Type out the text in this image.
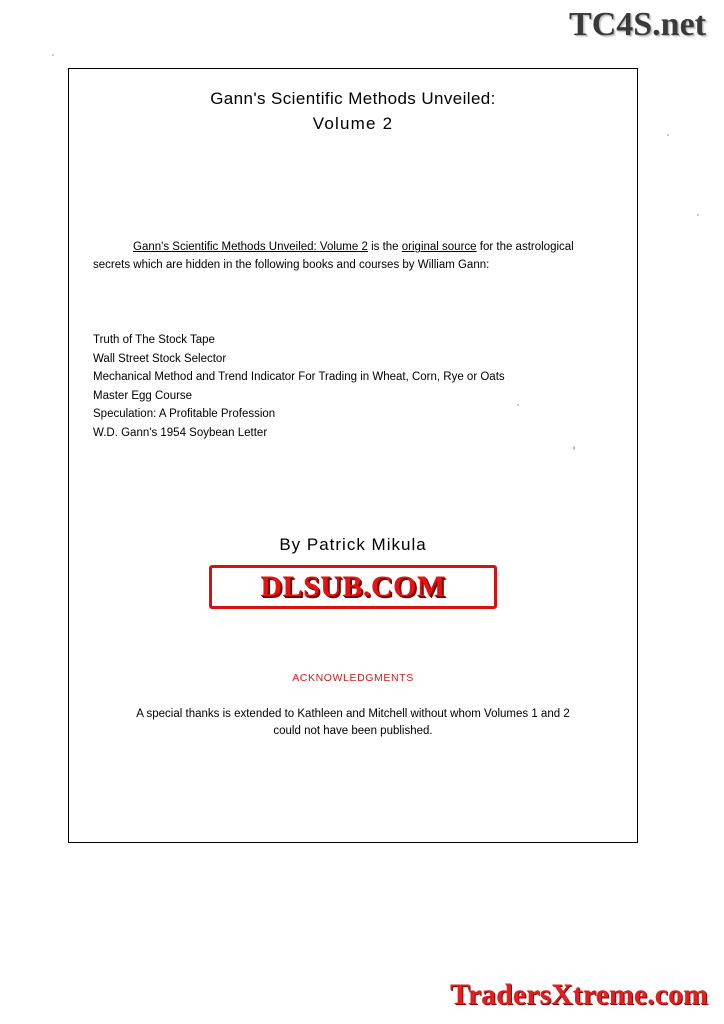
TC4S.net
Gann's Scientific Methods Unveiled:
Volume 2
Gann's Scientific Methods Unveiled: Volume 2 is the original source for the astrological
secrets which are hidden in the following books and courses by William Gann:
Truth of The Stock Tape
Wall Street Stock Selector
Mechanical Method and Trend Indicator For Trading in Wheat, Corn, Rye or Oats
Master Egg Course
Speculation: A Profitable Profession
W.D. Gann's 1954 Soybean Letter
By Patrick Mikula
DLSUB.COM
ACKNOWLEDGMENTS
A special thanks is extended to Kathleen and Mitchell without whom Volumes 1 and 2 could not have been published.
TradersXtreme.com
